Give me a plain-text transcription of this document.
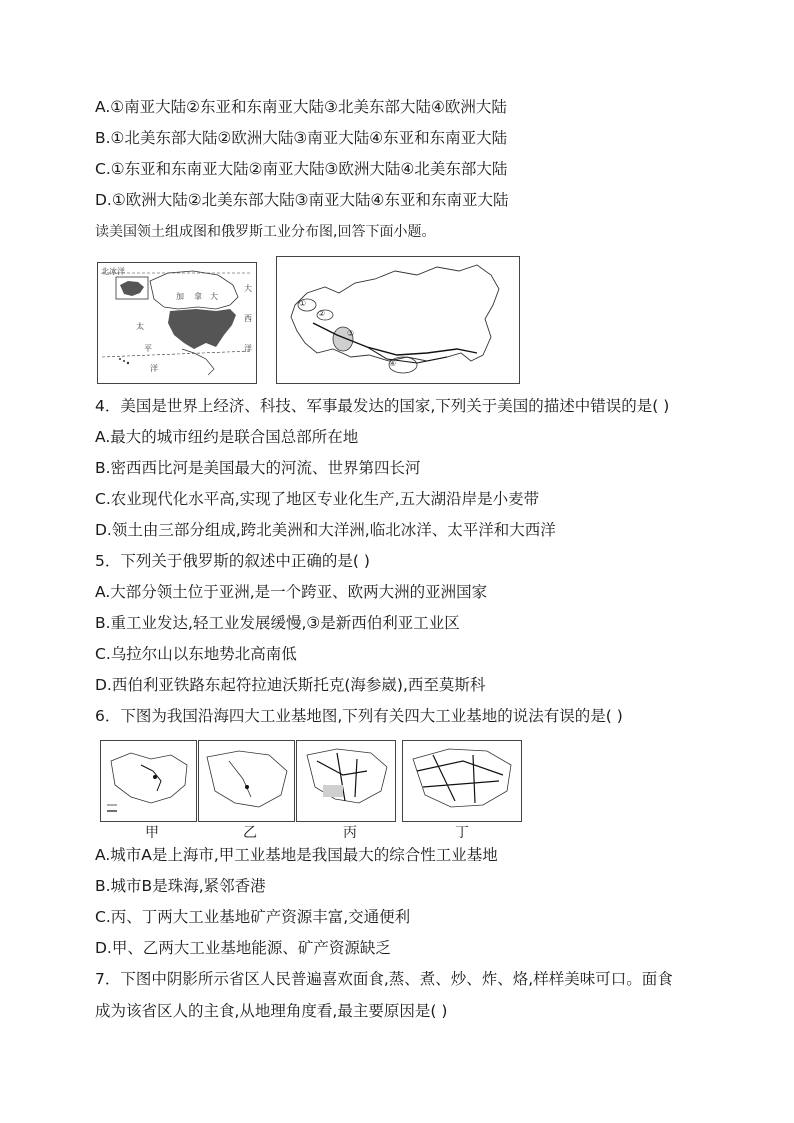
A.①南亚大陆②东亚和东南亚大陆③北美东部大陆④欧洲大陆
B.①北美东部大陆②欧洲大陆③南亚大陆④东亚和东南亚大陆
C.①东亚和东南亚大陆②南亚大陆③欧洲大陆④北美东部大陆
D.①欧洲大陆②北美东部大陆③南亚大陆④东亚和东南亚大陆
读美国领土组成图和俄罗斯工业分布图,回答下面小题。
北冰洋
大
西
洋
太
平
洋
加 拿 大
①
②
③
④
4．美国是世界上经济、科技、军事最发达的国家,下列关于美国的描述中错误的是( )
A.最大的城市纽约是联合国总部所在地
B.密西西比河是美国最大的河流、世界第四长河
C.农业现代化水平高,实现了地区专业化生产,五大湖沿岸是小麦带
D.领土由三部分组成,跨北美洲和大洋洲,临北冰洋、太平洋和大西洋
5．下列关于俄罗斯的叙述中正确的是( )
A.大部分领土位于亚洲,是一个跨亚、欧两大洲的亚洲国家
B.重工业发达,轻工业发展缓慢,③是新西伯利亚工业区
C.乌拉尔山以东地势北高南低
D.西伯利亚铁路东起符拉迪沃斯托克(海参崴),西至莫斯科
6．下图为我国沿海四大工业基地图,下列有关四大工业基地的说法有误的是( )
甲	乙	丙	丁
A.城市A是上海市,甲工业基地是我国最大的综合性工业基地
B.城市B是珠海,紧邻香港
C.丙、丁两大工业基地矿产资源丰富,交通便利
D.甲、乙两大工业基地能源、矿产资源缺乏
7．下图中阴影所示省区人民普遍喜欢面食,蒸、煮、炒、炸、烙,样样美味可口。面食
成为该省区人的主食,从地理角度看,最主要原因是( )
